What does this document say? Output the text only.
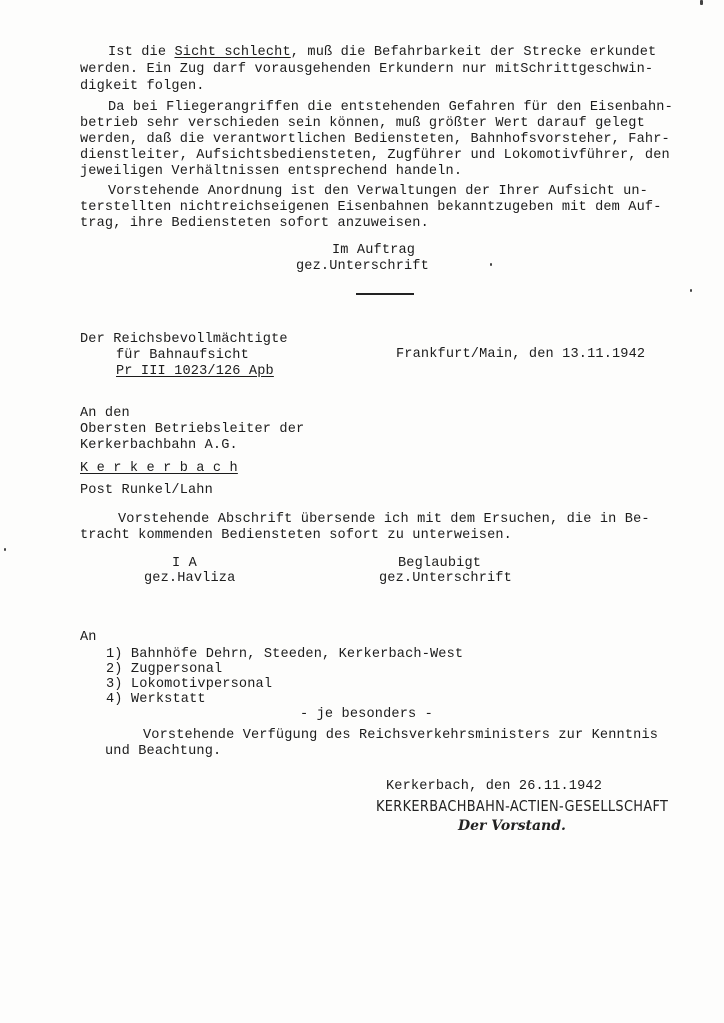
Ist die Sicht schlecht, muß die Befahrbarkeit der Strecke erkundet
werden. Ein Zug darf vorausgehenden Erkundern nur mitSchrittgeschwin-
digkeit folgen.
Da bei Fliegerangriffen die entstehenden Gefahren für den Eisenbahn-
betrieb sehr verschieden sein können, muß größter Wert darauf gelegt
werden, daß die verantwortlichen Bediensteten, Bahnhofsvorsteher, Fahr-
dienstleiter, Aufsichtsbediensteten, Zugführer und Lokomotivführer, den
jeweiligen Verhältnissen entsprechend handeln.
Vorstehende Anordnung ist den Verwaltungen der Ihrer Aufsicht un-
terstellten nichtreichseigenen Eisenbahnen bekanntzugeben mit dem Auf-
trag, ihre Bediensteten sofort anzuweisen.
Im Auftrag
gez.Unterschrift
Der Reichsbevollmächtigte
für Bahnaufsicht
Pr III 1023/126 Apb
Frankfurt/Main, den 13.11.1942
An den
Obersten Betriebsleiter der
Kerkerbachbahn A.G.
K e r k e r b a c h
Post Runkel/Lahn
Vorstehende Abschrift übersende ich mit dem Ersuchen, die in Be-
tracht kommenden Bediensteten sofort zu unterweisen.
I A
gez.Havliza
Beglaubigt
gez.Unterschrift
An
1) Bahnhöfe Dehrn, Steeden, Kerkerbach-West
2) Zugpersonal
3) Lokomotivpersonal
4) Werkstatt
- je besonders -
Vorstehende Verfügung des Reichsverkehrsministers zur Kenntnis
und Beachtung.
Kerkerbach, den 26.11.1942
KERKERBACHBAHN-ACTIEN-GESELLSCHAFT
Der Vorstand.
